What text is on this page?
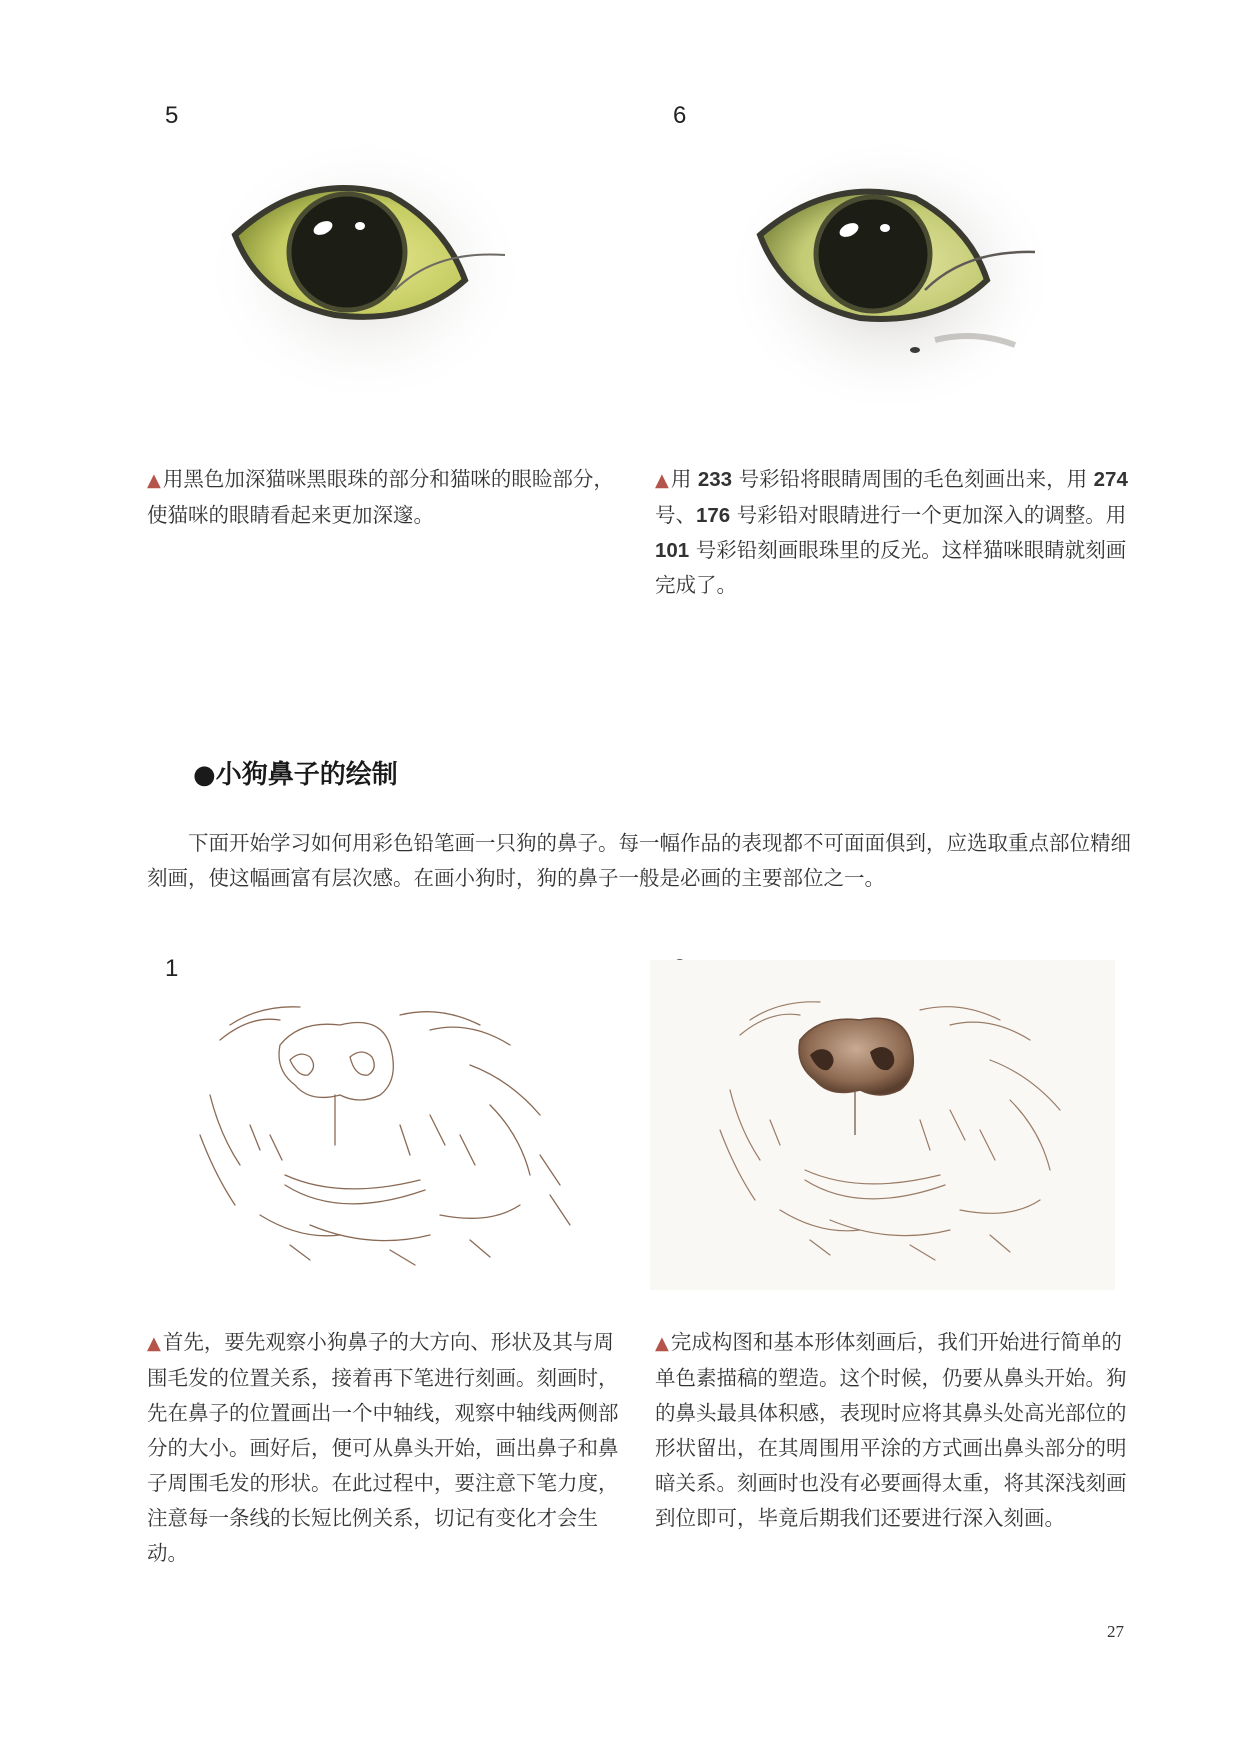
5
▲用黑色加深猫咪黑眼珠的部分和猫咪的眼睑部分，使猫咪的眼睛看起来更加深邃。
6
▲用 233 号彩铅将眼睛周围的毛色刻画出来，用 274 号、176 号彩铅对眼睛进行一个更加深入的调整。用 101 号彩铅刻画眼珠里的反光。这样猫咪眼睛就刻画完成了。
●小狗鼻子的绘制
下面开始学习如何用彩色铅笔画一只狗的鼻子。每一幅作品的表现都不可面面俱到，应选取重点部位精细刻画，使这幅画富有层次感。在画小狗时，狗的鼻子一般是必画的主要部位之一。
1
▲首先，要先观察小狗鼻子的大方向、形状及其与周围毛发的位置关系，接着再下笔进行刻画。刻画时，先在鼻子的位置画出一个中轴线，观察中轴线两侧部分的大小。画好后，便可从鼻头开始，画出鼻子和鼻子周围毛发的形状。在此过程中，要注意下笔力度，注意每一条线的长短比例关系，切记有变化才会生动。
▲完成构图和基本形体刻画后，我们开始进行简单的单色素描稿的塑造。这个时候，仍要从鼻头开始。狗的鼻头最具体积感，表现时应将其鼻头处高光部位的形状留出，在其周围用平涂的方式画出鼻头部分的明暗关系。刻画时也没有必要画得太重，将其深浅刻画到位即可，毕竟后期我们还要进行深入刻画。
27
